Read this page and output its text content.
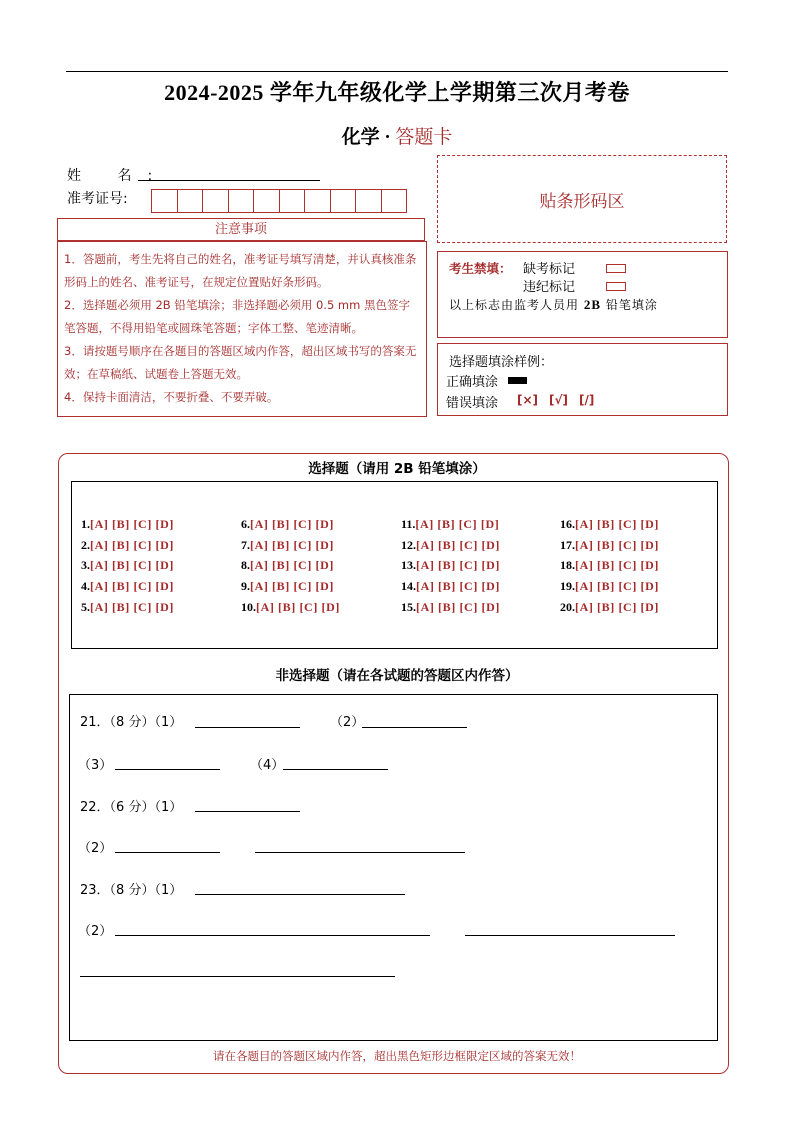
2024-2025 学年九年级化学上学期第三次月考卷
化学 · 答题卡
姓 名:
准考证号:	贴条形码区
注意事项

1．答题前，考生先将自己的姓名，准考证号填写清楚，并认真核准条形码上的姓名、准考证号，在规定位置贴好条形码。

2．选择题必须用 2B 铅笔填涂；非选择题必须用 0.5 mm 黑色签字笔答题，不得用铅笔或圆珠笔答题；字体工整、笔迹清晰。

3．请按题号顺序在各题目的答题区域内作答，超出区域书写的答案无效；在草稿纸、试题卷上答题无效。

4．保持卡面清洁，不要折叠、不要弄破。

考生禁填： 缺考标记
违纪标记
以上标志由监考人员用 2B 铅笔填涂
选择题填涂样例：
正确填涂
错误填涂 [×] [√] [/]
选择题（请用 2B 铅笔填涂）
1.[A] [B] [C] [D]
2.[A] [B] [C] [D]
3.[A] [B] [C] [D]
4.[A] [B] [C] [D]
5.[A] [B] [C] [D]
6.[A] [B] [C] [D]
7.[A] [B] [C] [D]
8.[A] [B] [C] [D]
9.[A] [B] [C] [D]
10.[A] [B] [C] [D]
11.[A] [B] [C] [D]
12.[A] [B] [C] [D]
13.[A] [B] [C] [D]
14.[A] [B] [C] [D]
15.[A] [B] [C] [D]
16.[A] [B] [C] [D]
17.[A] [B] [C] [D]
18.[A] [B] [C] [D]
19.[A] [B] [C] [D]
20.[A] [B] [C] [D]
非选择题（请在各试题的答题区内作答）
21．（8 分）（1）	（2）
（3）	（4）
22．（6 分）（1）
（2）
23．（8 分）（1）
（2）
请在各题目的答题区域内作答，超出黑色矩形边框限定区域的答案无效！
